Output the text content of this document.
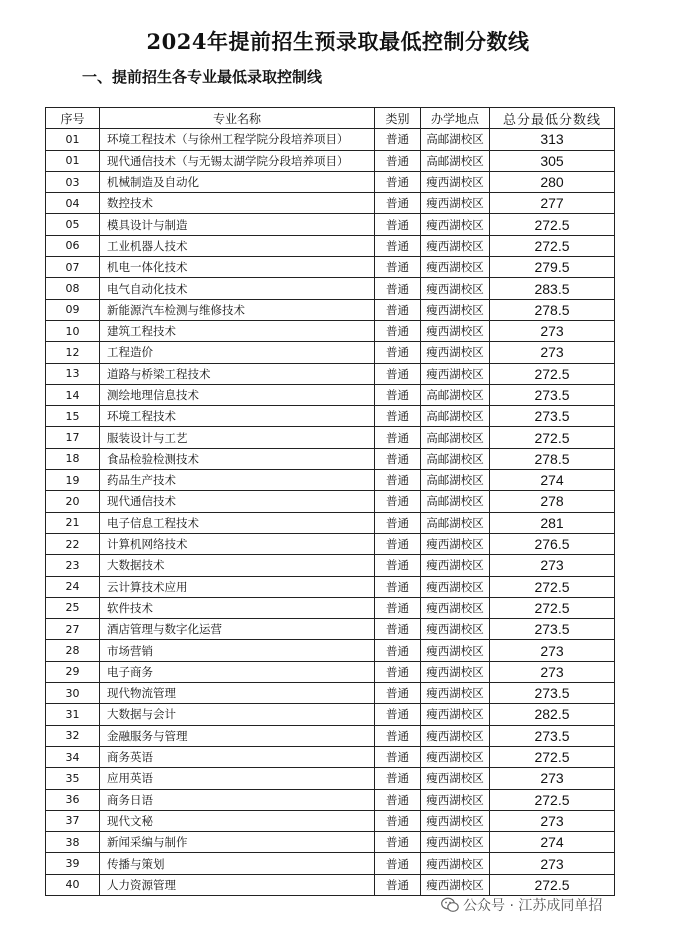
2024年提前招生预录取最低控制分数线
一、提前招生各专业最低录取控制线
序号	专业名称	类别	办学地点	总分最低分数线
01	环境工程技术（与徐州工程学院分段培养项目）	普通	高邮湖校区	313
01	现代通信技术（与无锡太湖学院分段培养项目）	普通	高邮湖校区	305
03	机械制造及自动化	普通	瘦西湖校区	280
04	数控技术	普通	瘦西湖校区	277
05	模具设计与制造	普通	瘦西湖校区	272.5
06	工业机器人技术	普通	瘦西湖校区	272.5
07	机电一体化技术	普通	瘦西湖校区	279.5
08	电气自动化技术	普通	瘦西湖校区	283.5
09	新能源汽车检测与维修技术	普通	瘦西湖校区	278.5
10	建筑工程技术	普通	瘦西湖校区	273
12	工程造价	普通	瘦西湖校区	273
13	道路与桥梁工程技术	普通	瘦西湖校区	272.5
14	测绘地理信息技术	普通	高邮湖校区	273.5
15	环境工程技术	普通	高邮湖校区	273.5
17	服装设计与工艺	普通	高邮湖校区	272.5
18	食品检验检测技术	普通	高邮湖校区	278.5
19	药品生产技术	普通	高邮湖校区	274
20	现代通信技术	普通	高邮湖校区	278
21	电子信息工程技术	普通	高邮湖校区	281
22	计算机网络技术	普通	瘦西湖校区	276.5
23	大数据技术	普通	瘦西湖校区	273
24	云计算技术应用	普通	瘦西湖校区	272.5
25	软件技术	普通	瘦西湖校区	272.5
27	酒店管理与数字化运营	普通	瘦西湖校区	273.5
28	市场营销	普通	瘦西湖校区	273
29	电子商务	普通	瘦西湖校区	273
30	现代物流管理	普通	瘦西湖校区	273.5
31	大数据与会计	普通	瘦西湖校区	282.5
32	金融服务与管理	普通	瘦西湖校区	273.5
34	商务英语	普通	瘦西湖校区	272.5
35	应用英语	普通	瘦西湖校区	273
36	商务日语	普通	瘦西湖校区	272.5
37	现代文秘	普通	瘦西湖校区	273
38	新闻采编与制作	普通	瘦西湖校区	274
39	传播与策划	普通	瘦西湖校区	273
40	人力资源管理	普通	瘦西湖校区	272.5
公众号 · 江苏成同单招
